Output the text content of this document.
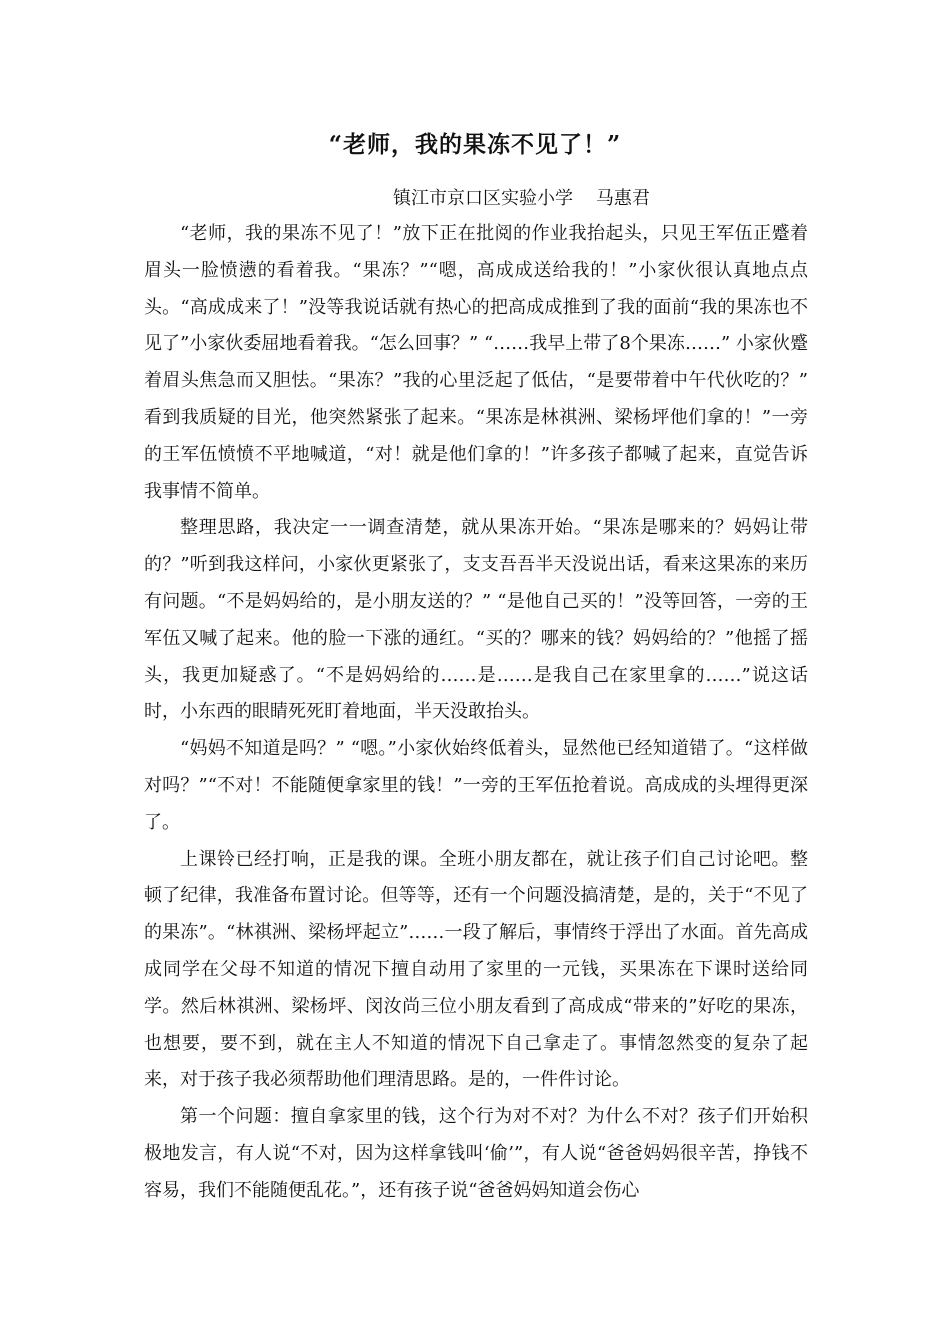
“老师，我的果冻不见了！”
镇江市京口区实验小学    马惠君

“老师，我的果冻不见了！”放下正在批阅的作业我抬起头，只见王军伍正蹙着眉头一脸愤懑的看着我。“果冻？”“嗯，高成成送给我的！”小家伙很认真地点点头。“高成成来了！”没等我说话就有热心的把高成成推到了我的面前“我的果冻也不见了”小家伙委屈地看着我。“怎么回事？” “……我早上带了8个果冻……” 小家伙蹙着眉头焦急而又胆怯。“果冻？”我的心里泛起了低估，“是要带着中午代伙吃的？” 看到我质疑的目光，他突然紧张了起来。“果冻是林祺洲、梁杨坪他们拿的！”一旁的王军伍愤愤不平地喊道，“对！就是他们拿的！”许多孩子都喊了起来，直觉告诉我事情不简单。

整理思路，我决定一一调查清楚，就从果冻开始。“果冻是哪来的？妈妈让带的？”听到我这样问，小家伙更紧张了，支支吾吾半天没说出话，看来这果冻的来历有问题。“不是妈妈给的，是小朋友送的？” “是他自己买的！”没等回答，一旁的王军伍又喊了起来。他的脸一下涨的通红。“买的？哪来的钱？妈妈给的？”他摇了摇头，我更加疑惑了。“不是妈妈给的……是……是我自己在家里拿的……”说这话时，小东西的眼睛死死盯着地面，半天没敢抬头。

“妈妈不知道是吗？” “嗯。”小家伙始终低着头，显然他已经知道错了。“这样做对吗？”“不对！不能随便拿家里的钱！”一旁的王军伍抢着说。高成成的头埋得更深了。

上课铃已经打响，正是我的课。全班小朋友都在，就让孩子们自己讨论吧。整顿了纪律，我准备布置讨论。但等等，还有一个问题没搞清楚，是的，关于“不见了的果冻”。“林祺洲、梁杨坪起立”……一段了解后，事情终于浮出了水面。首先高成成同学在父母不知道的情况下擅自动用了家里的一元钱，买果冻在下课时送给同学。然后林祺洲、梁杨坪、闵汝尚三位小朋友看到了高成成“带来的”好吃的果冻，也想要，要不到，就在主人不知道的情况下自己拿走了。事情忽然变的复杂了起来，对于孩子我必须帮助他们理清思路。是的，一件件讨论。

第一个问题：擅自拿家里的钱，这个行为对不对？为什么不对？孩子们开始积极地发言，有人说“不对，因为这样拿钱叫‘偷’”，有人说“爸爸妈妈很辛苦，挣钱不容易，我们不能随便乱花。”，还有孩子说“爸爸妈妈知道会伤心
